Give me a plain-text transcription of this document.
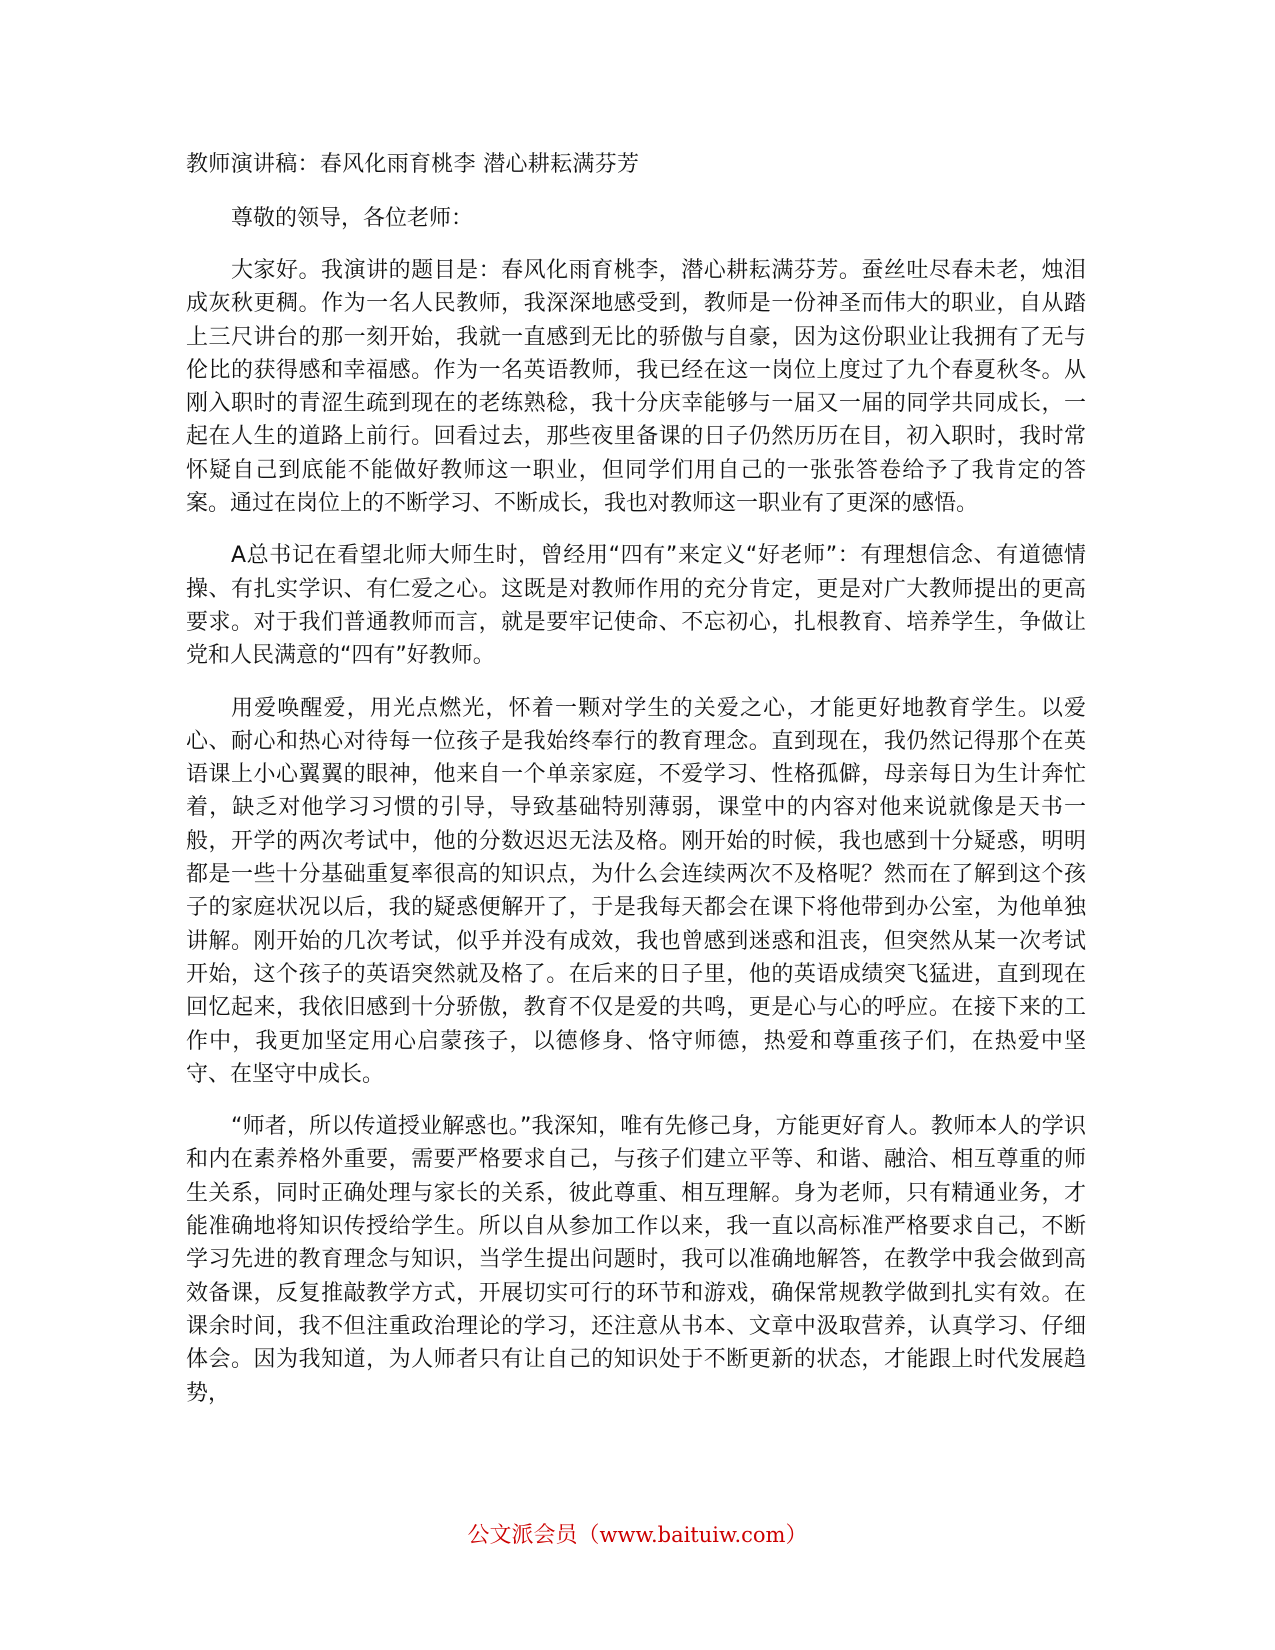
教师演讲稿：春风化雨育桃李 潜心耕耘满芬芳
尊敬的领导，各位老师：

大家好。我演讲的题目是：春风化雨育桃李，潜心耕耘满芬芳。蚕丝吐尽春未老，烛泪成灰秋更稠。作为一名人民教师，我深深地感受到，教师是一份神圣而伟大的职业，自从踏上三尺讲台的那一刻开始，我就一直感到无比的骄傲与自豪，因为这份职业让我拥有了无与伦比的获得感和幸福感。作为一名英语教师，我已经在这一岗位上度过了九个春夏秋冬。从刚入职时的青涩生疏到现在的老练熟稔，我十分庆幸能够与一届又一届的同学共同成长，一起在人生的道路上前行。回看过去，那些夜里备课的日子仍然历历在目，初入职时，我时常怀疑自己到底能不能做好教师这一职业，但同学们用自己的一张张答卷给予了我肯定的答案。通过在岗位上的不断学习、不断成长，我也对教师这一职业有了更深的感悟。

A总书记在看望北师大师生时，曾经用“四有”来定义“好老师”：有理想信念、有道德情操、有扎实学识、有仁爱之心。这既是对教师作用的充分肯定，更是对广大教师提出的更高要求。对于我们普通教师而言，就是要牢记使命、不忘初心，扎根教育、培养学生，争做让党和人民满意的“四有”好教师。

用爱唤醒爱，用光点燃光，怀着一颗对学生的关爱之心，才能更好地教育学生。以爱心、耐心和热心对待每一位孩子是我始终奉行的教育理念。直到现在，我仍然记得那个在英语课上小心翼翼的眼神，他来自一个单亲家庭，不爱学习、性格孤僻，母亲每日为生计奔忙着，缺乏对他学习习惯的引导，导致基础特别薄弱，课堂中的内容对他来说就像是天书一般，开学的两次考试中，他的分数迟迟无法及格。刚开始的时候，我也感到十分疑惑，明明都是一些十分基础重复率很高的知识点，为什么会连续两次不及格呢？然而在了解到这个孩子的家庭状况以后，我的疑惑便解开了，于是我每天都会在课下将他带到办公室，为他单独讲解。刚开始的几次考试，似乎并没有成效，我也曾感到迷惑和沮丧，但突然从某一次考试开始，这个孩子的英语突然就及格了。在后来的日子里，他的英语成绩突飞猛进，直到现在回忆起来，我依旧感到十分骄傲，教育不仅是爱的共鸣，更是心与心的呼应。在接下来的工作中，我更加坚定用心启蒙孩子，以德修身、恪守师德，热爱和尊重孩子们，在热爱中坚守、在坚守中成长。

“师者，所以传道授业解惑也。”我深知，唯有先修己身，方能更好育人。教师本人的学识和内在素养格外重要，需要严格要求自己，与孩子们建立平等、和谐、融洽、相互尊重的师生关系，同时正确处理与家长的关系，彼此尊重、相互理解。身为老师，只有精通业务，才能准确地将知识传授给学生。所以自从参加工作以来，我一直以高标准严格要求自己，不断学习先进的教育理念与知识，当学生提出问题时，我可以准确地解答，在教学中我会做到高效备课，反复推敲教学方式，开展切实可行的环节和游戏，确保常规教学做到扎实有效。在课余时间，我不但注重政治理论的学习，还注意从书本、文章中汲取营养，认真学习、仔细体会。因为我知道，为人师者只有让自己的知识处于不断更新的状态，才能跟上时代发展趋势，

公文派会员（www.baituiw.com）
